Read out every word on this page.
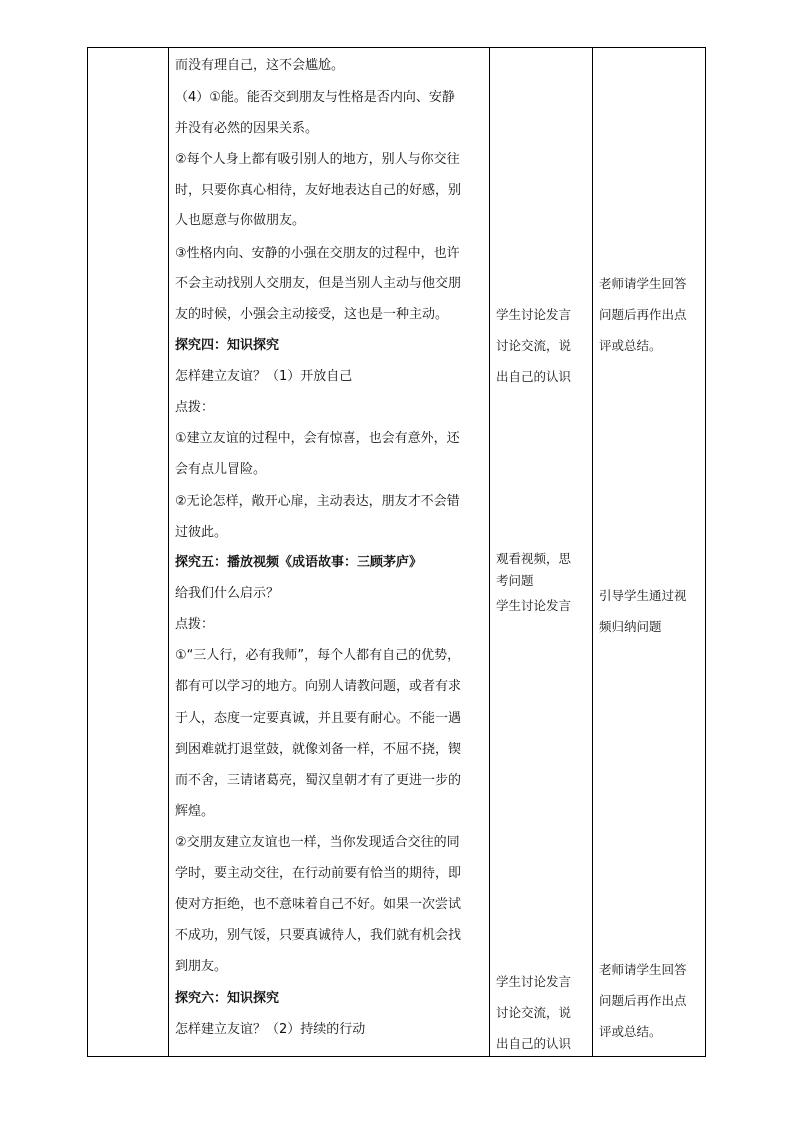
而没有理自己，这不会尴尬。
（4）①能。能否交到朋友与性格是否内向、安静
并没有必然的因果关系。
②每个人身上都有吸引别人的地方，别人与你交往
时，只要你真心相待，友好地表达自己的好感，别
人也愿意与你做朋友。
③性格内向、安静的小强在交朋友的过程中，也许
不会主动找别人交朋友，但是当别人主动与他交朋
友的时候，小强会主动接受，这也是一种主动。
探究四：知识探究
怎样建立友谊？（1）开放自己
点拨：
①建立友谊的过程中，会有惊喜，也会有意外，还
会有点儿冒险。
②无论怎样，敞开心扉，主动表达，朋友才不会错
过彼此。
探究五：播放视频《成语故事：三顾茅庐》
给我们什么启示？
点拨：
①“三人行，必有我师”，每个人都有自己的优势，
都有可以学习的地方。向别人请教问题，或者有求
于人，态度一定要真诚，并且要有耐心。不能一遇
到困难就打退堂鼓，就像刘备一样，不屈不挠，锲
而不舍，三请诸葛亮，蜀汉皇朝才有了更进一步的
辉煌。
②交朋友建立友谊也一样，当你发现适合交往的同
学时，要主动交往，在行动前要有恰当的期待，即
使对方拒绝，也不意味着自己不好。如果一次尝试
不成功，别气馁，只要真诚待人，我们就有机会找
到朋友。
探究六：知识探究
怎样建立友谊？（2）持续的行动
学生讨论发言
讨论交流，说
出自己的认识
观看视频，思
考问题
学生讨论发言
学生讨论发言
讨论交流，说
出自己的认识
老师请学生回答
问题后再作出点
评或总结。
引导学生通过视
频归纳问题
老师请学生回答
问题后再作出点
评或总结。
